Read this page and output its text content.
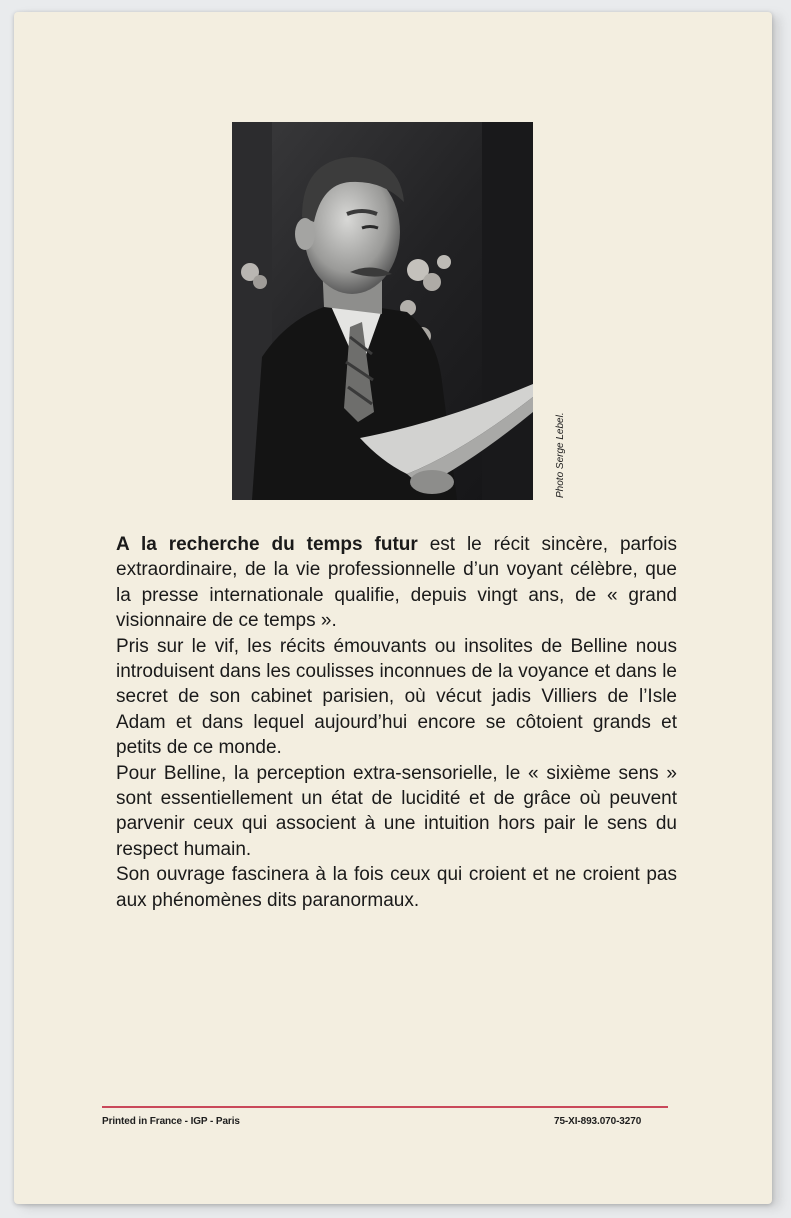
Photo Serge Lebel.

A la recherche du temps futur est le récit sincère, parfois extraordinaire, de la vie professionnelle d’un voyant célèbre, que la presse internationale qualifie, depuis vingt ans, de « grand visionnaire de ce temps ».

Pris sur le vif, les récits émouvants ou insolites de Belline nous introduisent dans les coulisses inconnues de la voyance et dans le secret de son cabinet parisien, où vécut jadis Villiers de l’Isle Adam et dans lequel aujourd’hui encore se côtoient grands et petits de ce monde.

Pour Belline, la perception extra-sensorielle, le « sixième sens » sont essentiellement un état de lucidité et de grâce où peuvent parvenir ceux qui associent à une intuition hors pair le sens du respect humain.

Son ouvrage fascinera à la fois ceux qui croient et ne croient pas aux phénomènes dits paranormaux.

Printed in France - IGP - Paris	75-XI-893.070-3270
